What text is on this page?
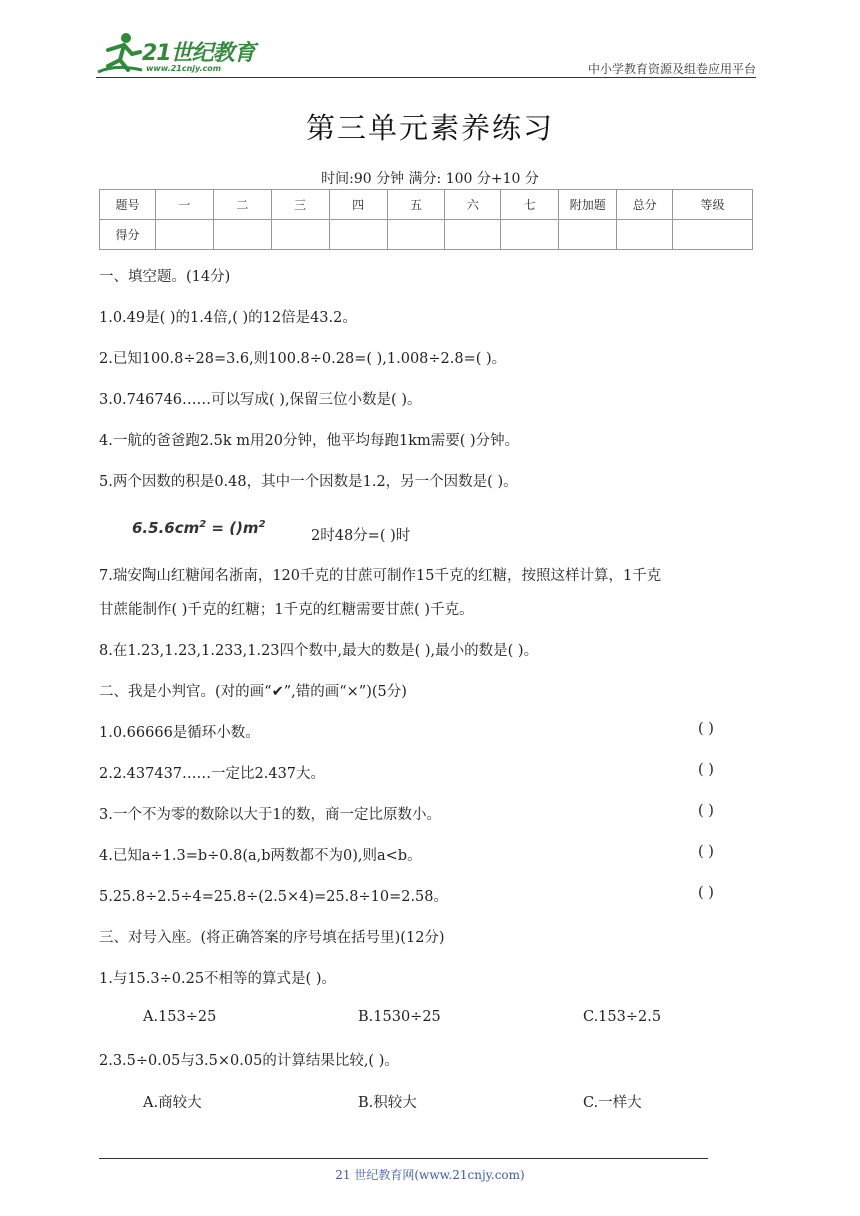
21世纪教育
www.21cnjy.com	中小学教育资源及组卷应用平台
第三单元素养练习
时间:90 分钟 满分: 100 分+10 分
题号	一	二	三	四	五	六	七	附加题	总分	等级
得分										
一、填空题。(14分)
1.0.49是( )的1.4倍,( )的12倍是43.2。
2.已知100.8÷28=3.6,则100.8÷0.28=( ),1.008÷2.8=( )。
3.0.746746……可以写成( ),保留三位小数是( )。
4.一航的爸爸跑2.5k m用20分钟，他平均每跑1km需要( )分钟。
5.两个因数的积是0.48，其中一个因数是1.2，另一个因数是( )。
$6.5.6cm^2 = ()m^2$
2时48分=( )时
7.瑞安陶山红糖闻名浙南，120千克的甘蔗可制作15千克的红糖，按照这样计算，1千克
甘蔗能制作( )千克的红糖；1千克的红糖需要甘蔗( )千克。
8.在1.23,1.23,1.233,1.23四个数中,最大的数是( ),最小的数是( )。
二、我是小判官。(对的画“✔”,错的画“×”)(5分)
1.0.66666是循环小数。	( )
2.2.437437……一定比2.437大。	( )
3.一个不为零的数除以大于1的数，商一定比原数小。	( )
4.已知a÷1.3=b÷0.8(a,b两数都不为0),则a<b。	( )
5.25.8÷2.5÷4=25.8÷(2.5×4)=25.8÷10=2.58。	( )
三、对号入座。(将正确答案的序号填在括号里)(12分)
1.与15.3÷0.25不相等的算式是( )。
A.153÷25	B.1530÷25	C.153÷2.5
2.3.5÷0.05与3.5×0.05的计算结果比较,( )。
A.商较大	B.积较大	C.一样大
21 世纪教育网(www.21cnjy.com)
